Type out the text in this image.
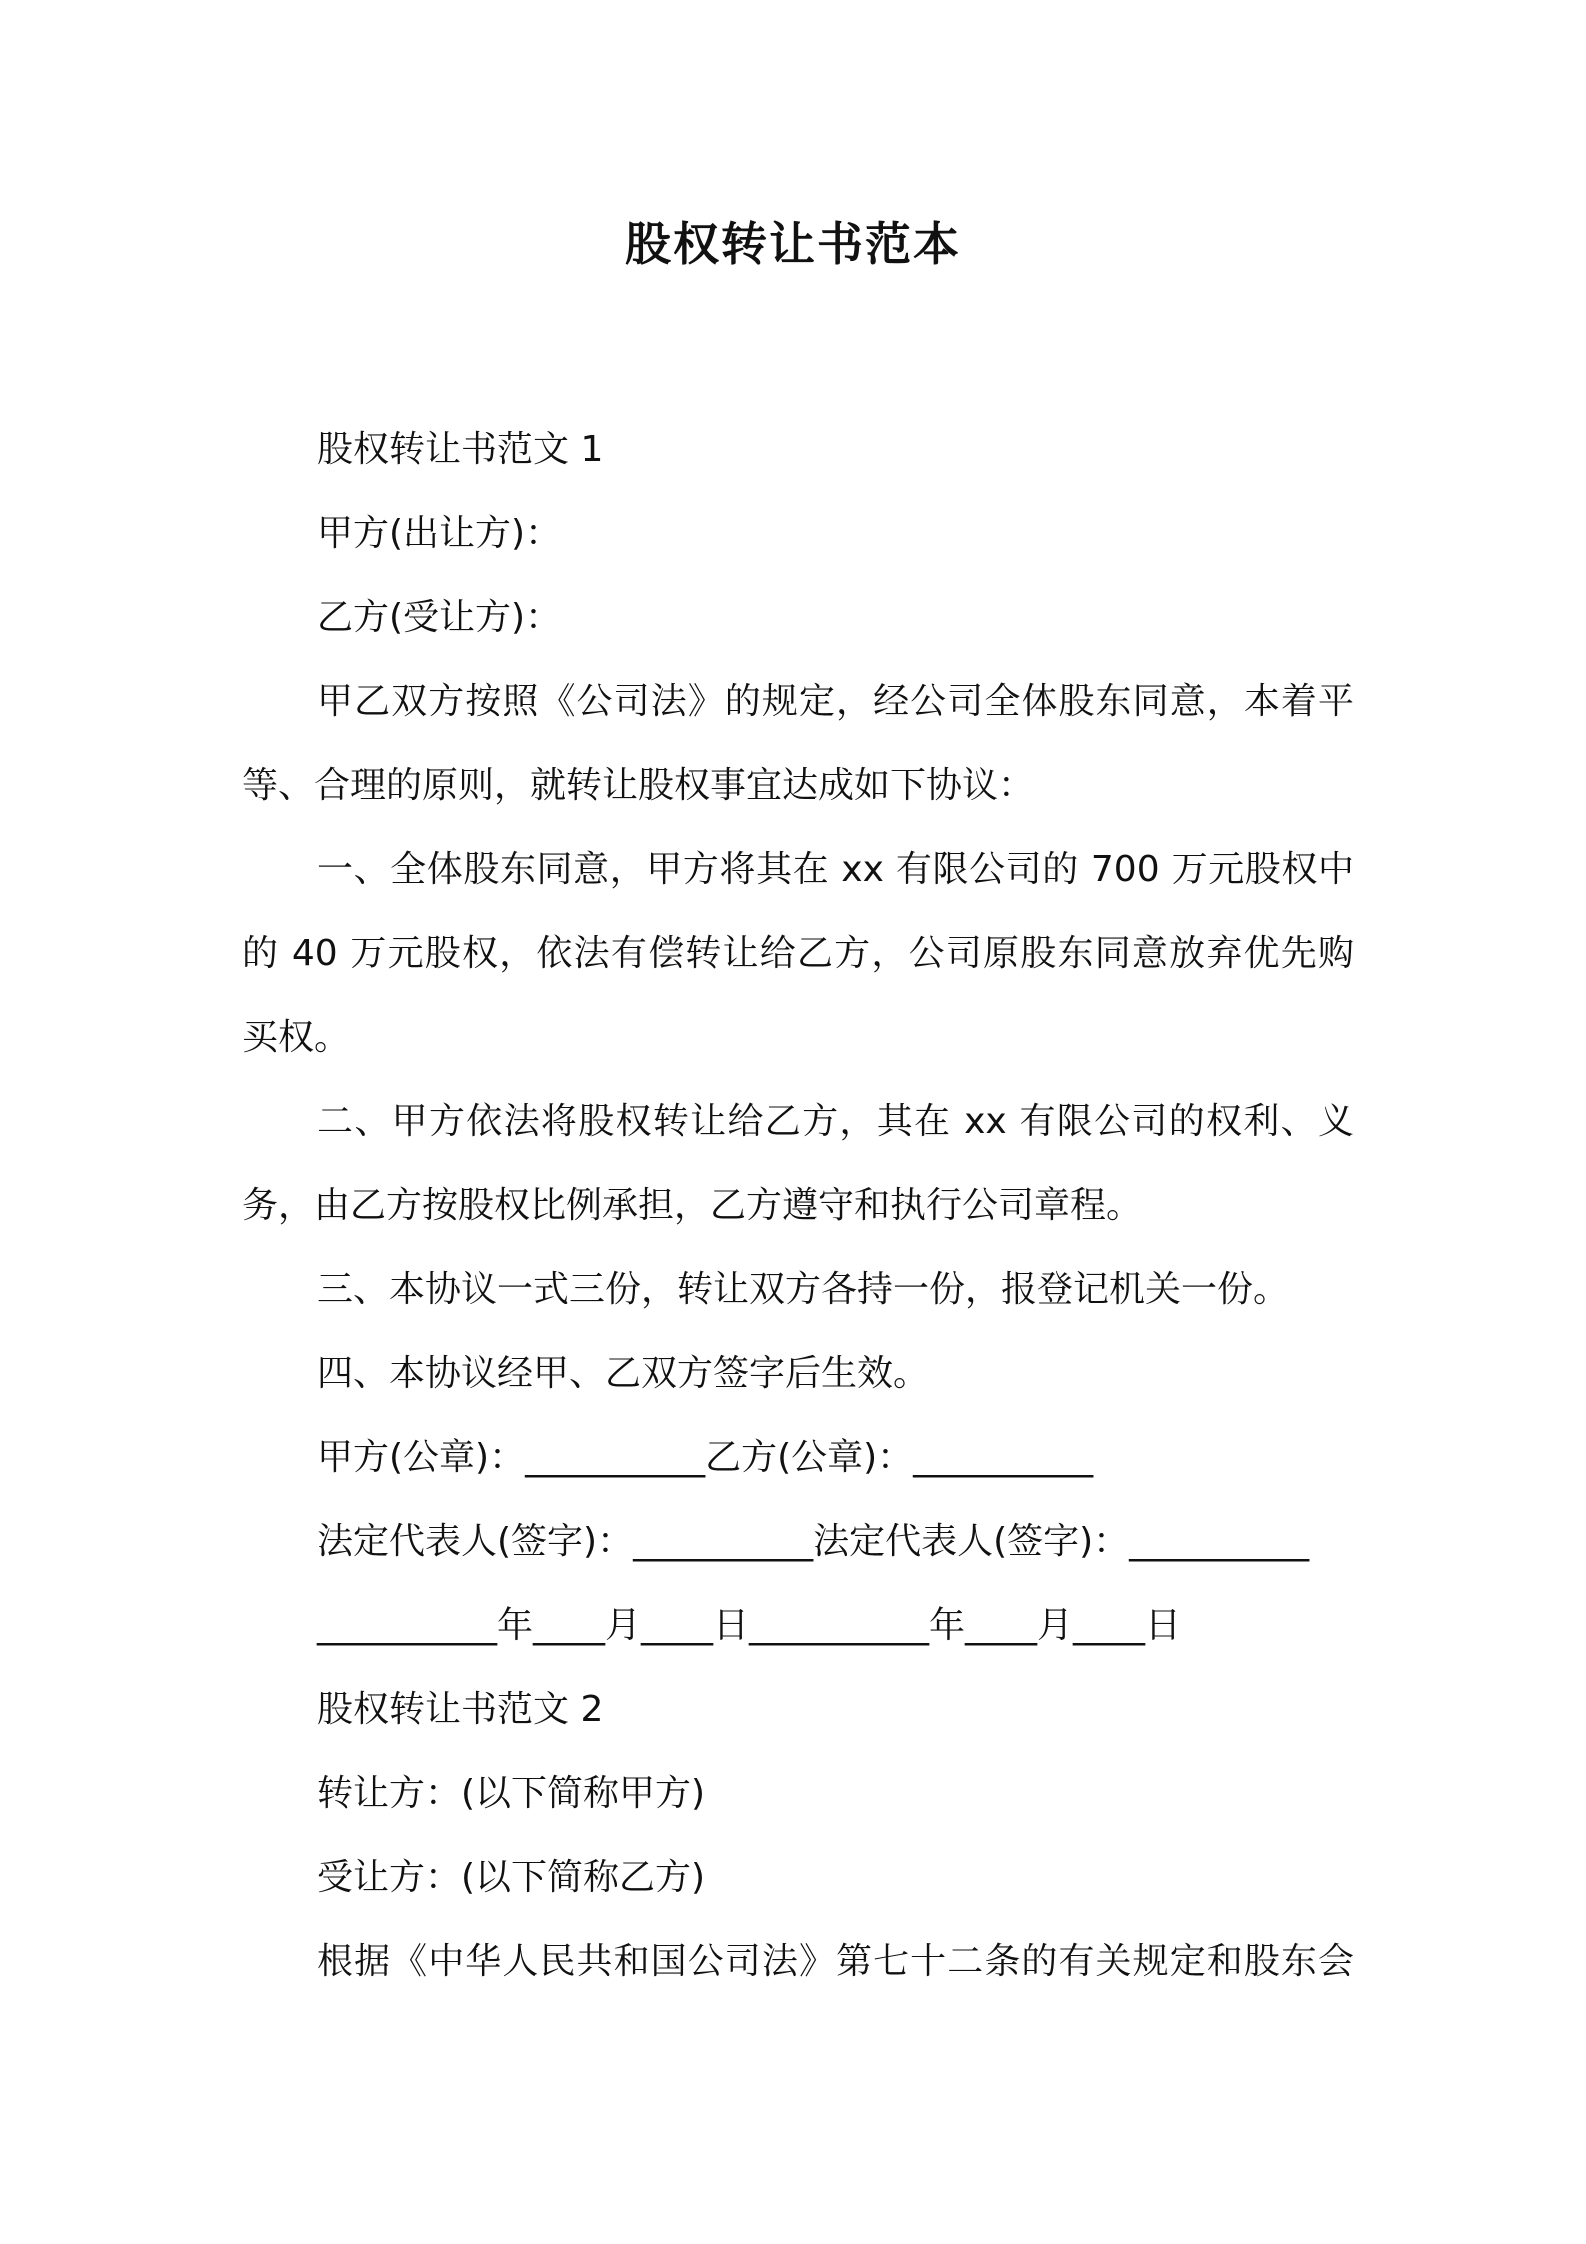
股权转让书范本

股权转让书范文 1

甲方(出让方)：

乙方(受让方)：

甲乙双方按照《公司法》的规定，经公司全体股东同意，本着平

等、合理的原则，就转让股权事宜达成如下协议：

一、全体股东同意，甲方将其在 xx 有限公司的 700 万元股权中

的 40 万元股权，依法有偿转让给乙方，公司原股东同意放弃优先购

买权。

二、甲方依法将股权转让给乙方，其在 xx 有限公司的权利、义

务，由乙方按股权比例承担，乙方遵守和执行公司章程。

三、本协议一式三份，转让双方各持一份，报登记机关一份。

四、本协议经甲、乙双方签字后生效。

甲方(公章)：__________乙方(公章)：__________

法定代表人(签字)：__________法定代表人(签字)：__________

__________年____月____日__________年____月____日

股权转让书范文 2

转让方：(以下简称甲方)

受让方：(以下简称乙方)

根据《中华人民共和国公司法》第七十二条的有关规定和股东会
